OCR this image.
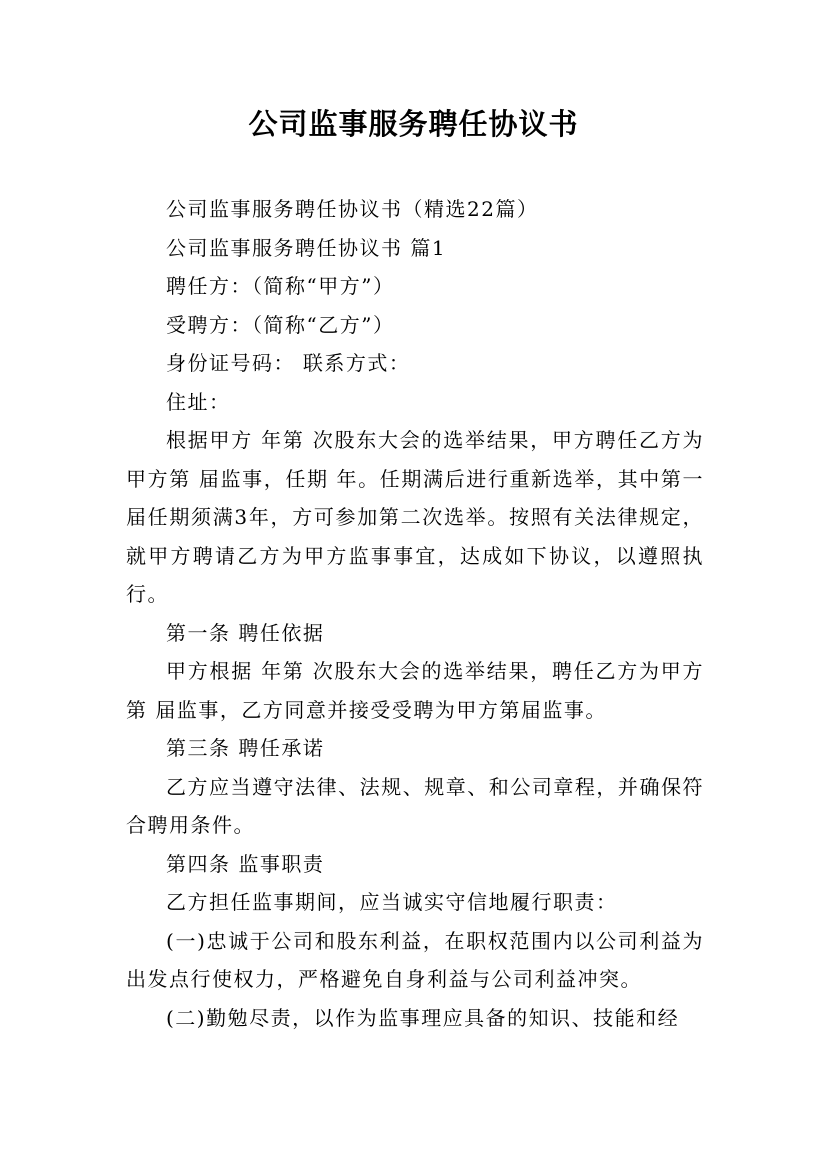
公司监事服务聘任协议书

公司监事服务聘任协议书（精选22篇）

公司监事服务聘任协议书 篇1

聘任方：（简称“甲方”）

受聘方：（简称“乙方”）

身份证号码： 联系方式：

住址：

根据甲方 年第 次股东大会的选举结果，甲方聘任乙方为甲方第 届监事，任期 年。任期满后进行重新选举，其中第一届任期须满3年，方可参加第二次选举。按照有关法律规定，就甲方聘请乙方为甲方监事事宜，达成如下协议，以遵照执行。

第一条 聘任依据

甲方根据 年第 次股东大会的选举结果，聘任乙方为甲方第 届监事，乙方同意并接受受聘为甲方第届监事。

第三条 聘任承诺

乙方应当遵守法律、法规、规章、和公司章程，并确保符合聘用条件。

第四条 监事职责

乙方担任监事期间，应当诚实守信地履行职责：

(一)忠诚于公司和股东利益，在职权范围内以公司利益为出发点行使权力，严格避免自身利益与公司利益冲突。

(二)勤勉尽责，以作为监事理应具备的知识、技能和经
